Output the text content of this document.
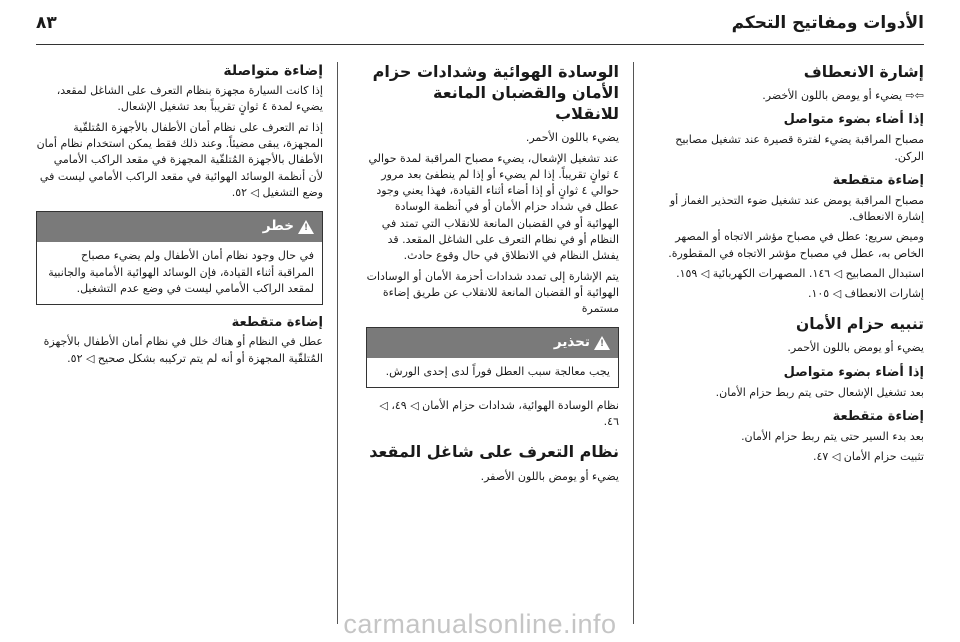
٨٣	الأدوات ومفاتيح التحكم
إشارة الانعطاف

⇦⇨ يضيء أو يومض باللون الأخضر.

إذا أضاء بضوء متواصل

مصباح المراقبة يضيء لفترة قصيرة عند تشغيل مصابيح الركن.

إضاءة متقطعة

مصباح المراقبة يومض عند تشغيل ضوء التحذير الغماز أو إشارة الانعطاف.

وميض سريع: عطل في مصباح مؤشر الاتجاه أو المصهر الخاص به، عطل في مصباح مؤشر الاتجاه في المقطورة.

استبدال المصابيح ◁ ١٤٦. المصهرات الكهربائية ◁ ١٥٩.

إشارات الانعطاف ◁ ١٠٥.

تنبيه حزام الأمان

يضيء أو يومض باللون الأحمر.

إذا أضاء بضوء متواصل

بعد تشغيل الإشعال حتى يتم ربط حزام الأمان.

إضاءة متقطعة

بعد بدء السير حتى يتم ربط حزام الأمان.

تثبيت حزام الأمان ◁ ٤٧.

الوسادة الهوائية وشدادات حزام الأمان والقضبان المانعة للانقلاب

يضيء باللون الأحمر.

عند تشغيل الإشعال، يضيء مصباح المراقبة لمدة حوالي ٤ ثوانٍ تقريباً. إذا لم يضيء أو إذا لم ينطفئ بعد مرور حوالي ٤ ثوانٍ أو إذا أضاء أثناء القيادة، فهذا يعني وجود عطل في شداد حزام الأمان أو في أنظمة الوسادة الهوائية أو في القضبان المانعة للانقلاب التي تمتد في النظام أو في نظام التعرف على الشاغل المقعد. قد يفشل النظام في الانطلاق في حال وقوع حادث.

يتم الإشارة إلى تمدد شدادات أحزمة الأمان أو الوسادات الهوائية أو القضبان المانعة للانقلاب عن طريق إضاءة مستمرة

!
تحذير
يجب معالجة سبب العطل فوراً لدى إحدى الورش.

نظام الوسادة الهوائية، شدادات حزام الأمان ◁ ٤٩، ◁ ٤٦.

نظام التعرف على شاغل المقعد

يضيء أو يومض باللون الأصفر.

إضاءة متواصلة

إذا كانت السيارة مجهزة بنظام التعرف على الشاغل لمقعد، يضيء لمدة ٤ ثوانٍ تقريباً بعد تشغيل الإشعال.

إذا تم التعرف على نظام أمان الأطفال بالأجهزة المُتلقّية المجهزة، يبقى مضيئاً. وعند ذلك فقط يمكن استخدام نظام أمان الأطفال بالأجهزة المُتلقّية المجهزة في مقعد الراكب الأمامي لأن أنظمة الوسائد الهوائية في مقعد الراكب الأمامي ليست في وضع التشغيل ◁ ٥٢.

!
خطر
في حال وجود نظام أمان الأطفال ولم يضيء مصباح المراقبة أثناء القيادة، فإن الوسائد الهوائية الأمامية والجانبية لمقعد الراكب الأمامي ليست في وضع عدم التشغيل.
إضاءة متقطعة

عطل في النظام أو هناك خلل في نظام أمان الأطفال بالأجهزة المُتلقّية المجهزة أو أنه لم يتم تركيبه بشكل صحيح ◁ ٥٢.

carmanualsonline.info
